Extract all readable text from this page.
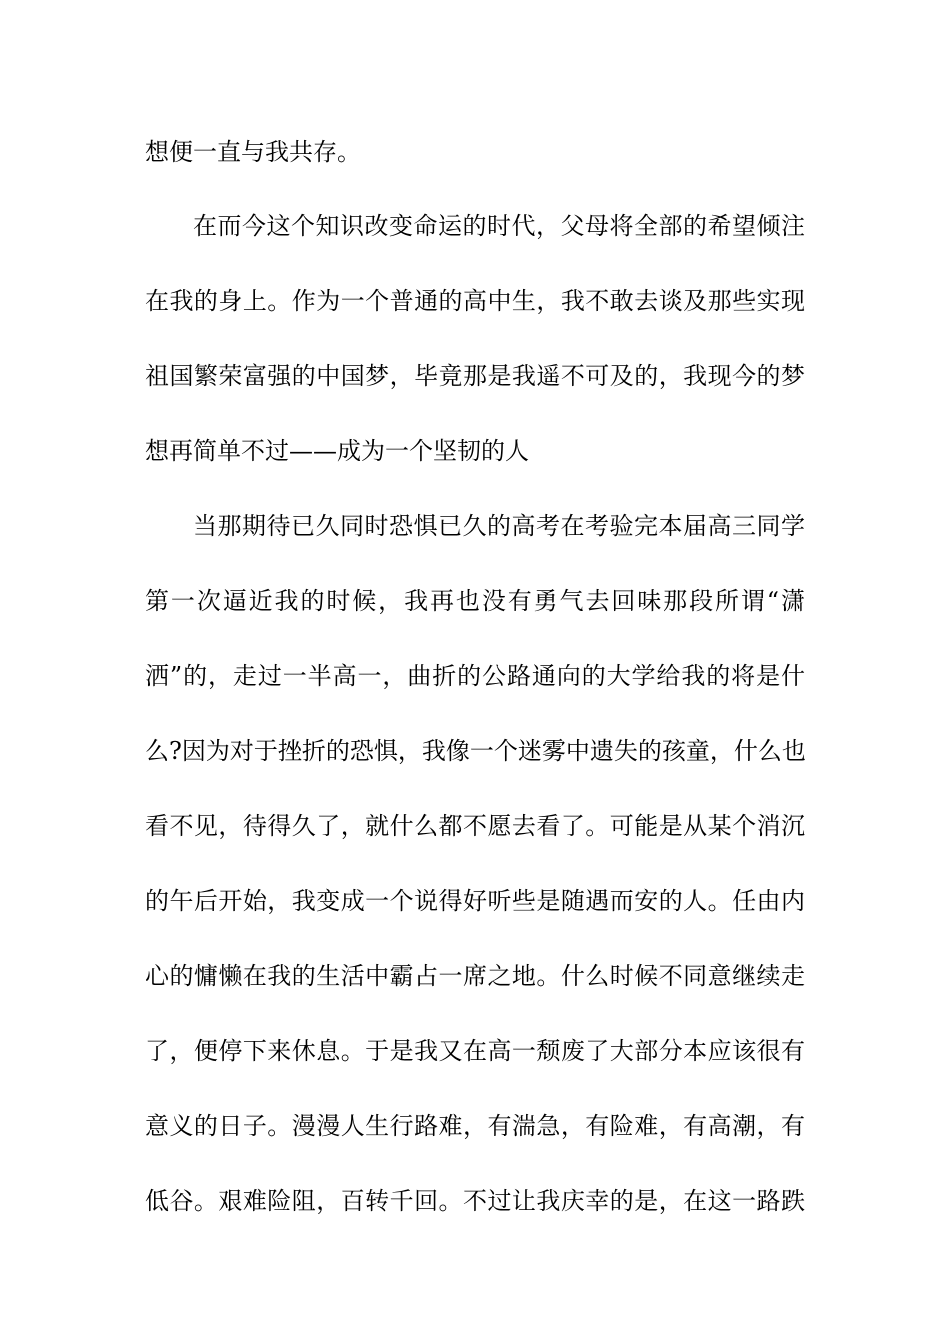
想便一直与我共存。

在而今这个知识改变命运的时代，父母将全部的希望倾注

在我的身上。作为一个普通的高中生，我不敢去谈及那些实现

祖国繁荣富强的中国梦，毕竟那是我遥不可及的，我现今的梦

想再简单不过——成为一个坚韧的人

当那期待已久同时恐惧已久的高考在考验完本届高三同学

第一次逼近我的时候，我再也没有勇气去回味那段所谓“潇

洒”的，走过一半高一，曲折的公路通向的大学给我的将是什

么?因为对于挫折的恐惧，我像一个迷雾中遗失的孩童，什么也

看不见，待得久了，就什么都不愿去看了。可能是从某个消沉

的午后开始，我变成一个说得好听些是随遇而安的人。任由内

心的慵懒在我的生活中霸占一席之地。什么时候不同意继续走

了，便停下来休息。于是我又在高一颓废了大部分本应该很有

意义的日子。漫漫人生行路难，有湍急，有险难，有高潮，有

低谷。艰难险阻，百转千回。不过让我庆幸的是，在这一路跌
